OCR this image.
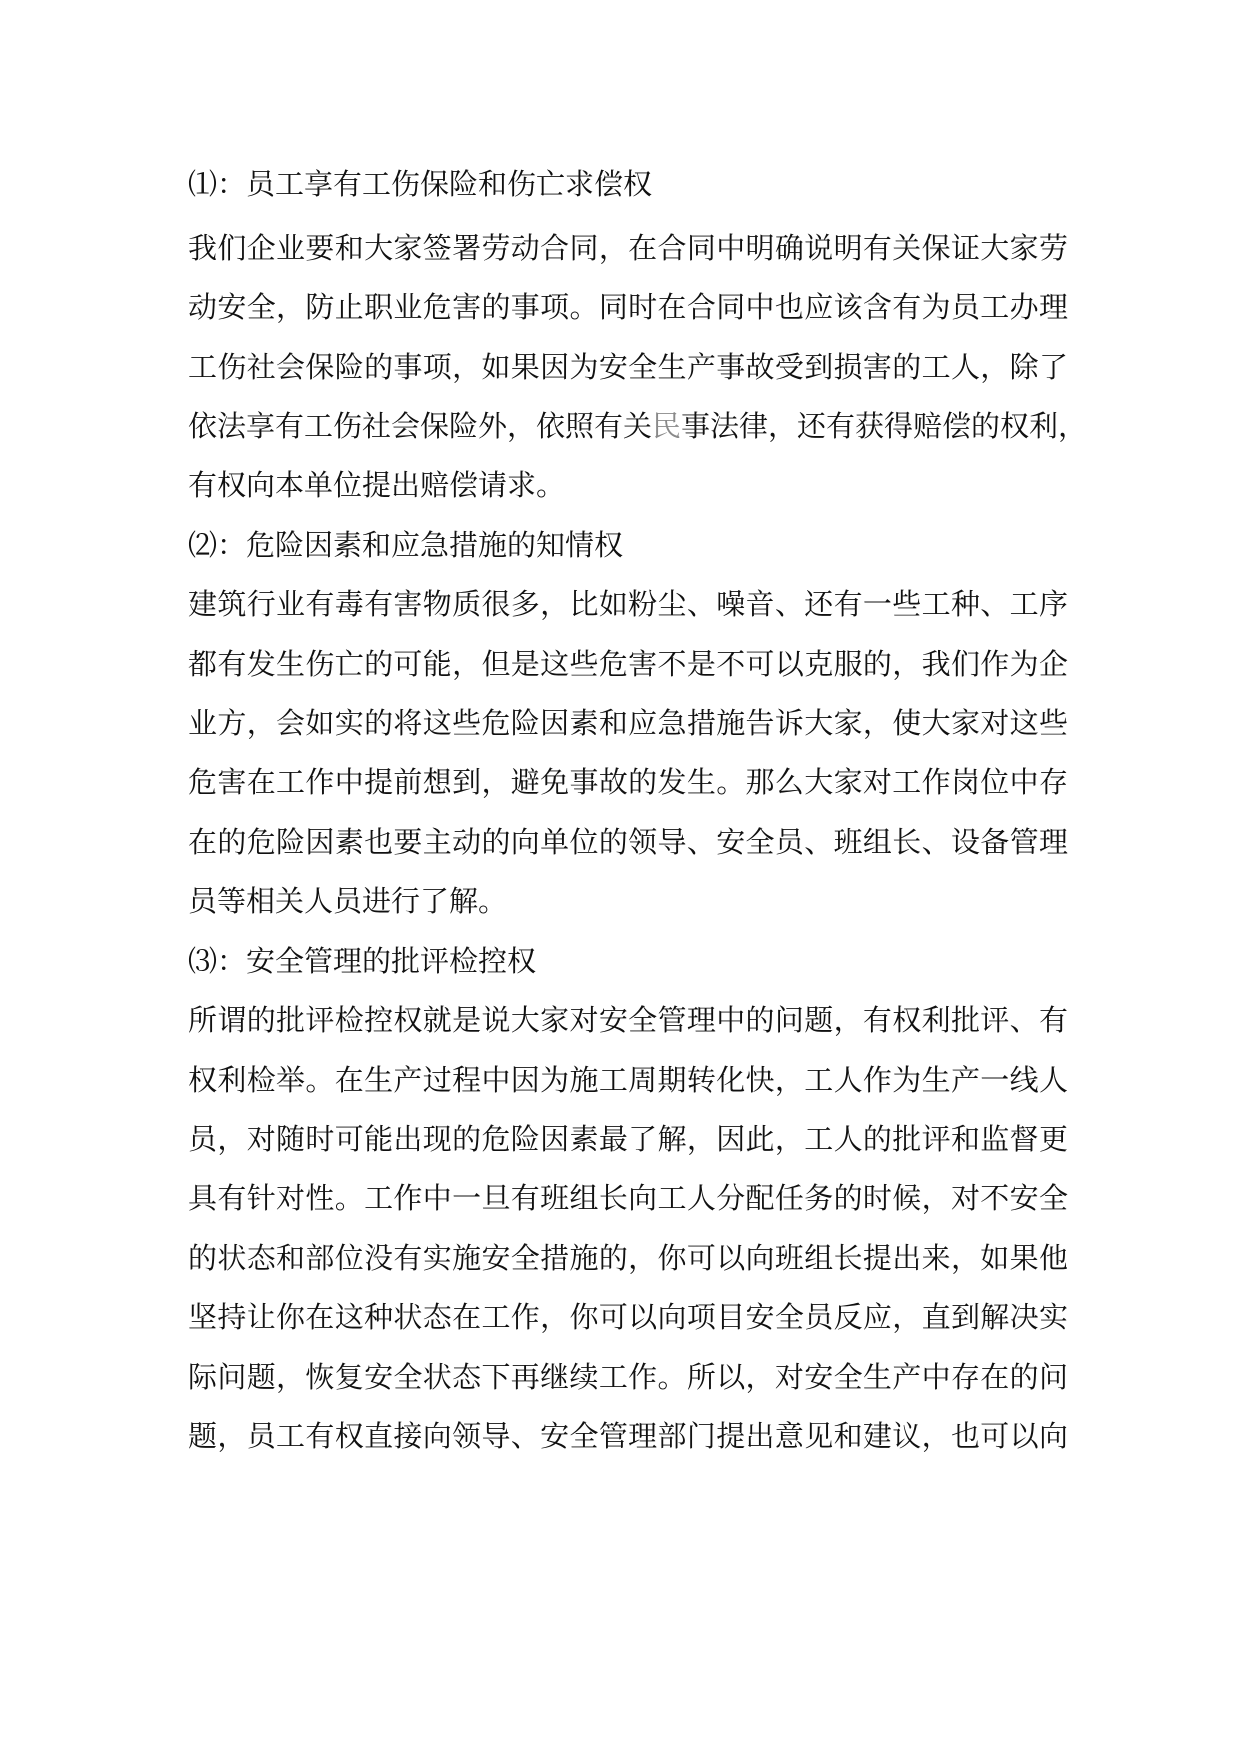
⑴：员工享有工伤保险和伤亡求偿权
我们企业要和大家签署劳动合同，在合同中明确说明有关保证大家劳
动安全，防止职业危害的事项。同时在合同中也应该含有为员工办理
工伤社会保险的事项，如果因为安全生产事故受到损害的工人，除了
依法享有工伤社会保险外，依照有关民事法律，还有获得赔偿的权利，
有权向本单位提出赔偿请求。
⑵：危险因素和应急措施的知情权
建筑行业有毒有害物质很多，比如粉尘、噪音、还有一些工种、工序
都有发生伤亡的可能，但是这些危害不是不可以克服的，我们作为企
业方，会如实的将这些危险因素和应急措施告诉大家，使大家对这些
危害在工作中提前想到，避免事故的发生。那么大家对工作岗位中存
在的危险因素也要主动的向单位的领导、安全员、班组长、设备管理
员等相关人员进行了解。
⑶：安全管理的批评检控权
所谓的批评检控权就是说大家对安全管理中的问题，有权利批评、有
权利检举。在生产过程中因为施工周期转化快，工人作为生产一线人
员，对随时可能出现的危险因素最了解，因此，工人的批评和监督更
具有针对性。工作中一旦有班组长向工人分配任务的时候，对不安全
的状态和部位没有实施安全措施的，你可以向班组长提出来，如果他
坚持让你在这种状态在工作，你可以向项目安全员反应，直到解决实
际问题，恢复安全状态下再继续工作。所以，对安全生产中存在的问
题，员工有权直接向领导、安全管理部门提出意见和建议，也可以向
